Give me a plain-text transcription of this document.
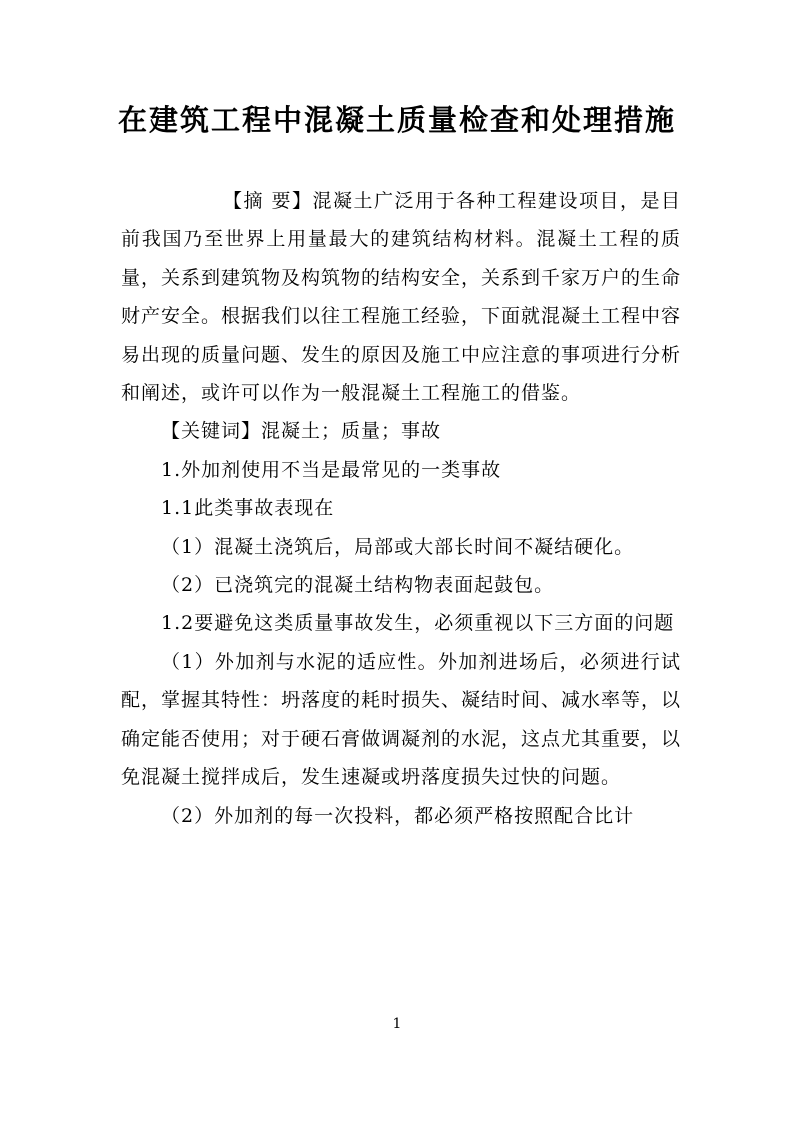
在建筑工程中混凝土质量检查和处理措施

【摘 要】混凝土广泛用于各种工程建设项目，是目前我国乃至世界上用量最大的建筑结构材料。混凝土工程的质量，关系到建筑物及构筑物的结构安全，关系到千家万户的生命财产安全。根据我们以往工程施工经验，下面就混凝土工程中容易出现的质量问题、发生的原因及施工中应注意的事项进行分析和阐述，或许可以作为一般混凝土工程施工的借鉴。

【关键词】混凝土；质量；事故

1.外加剂使用不当是最常见的一类事故

1.1此类事故表现在

（1）混凝土浇筑后，局部或大部长时间不凝结硬化。

（2）已浇筑完的混凝土结构物表面起鼓包。

1.2要避免这类质量事故发生，必须重视以下三方面的问题

（1）外加剂与水泥的适应性。外加剂进场后，必须进行试配，掌握其特性：坍落度的耗时损失、凝结时间、减水率等，以确定能否使用；对于硬石膏做调凝剂的水泥，这点尤其重要，以免混凝土搅拌成后，发生速凝或坍落度损失过快的问题。

（2）外加剂的每一次投料，都必须严格按照配合比计

1
